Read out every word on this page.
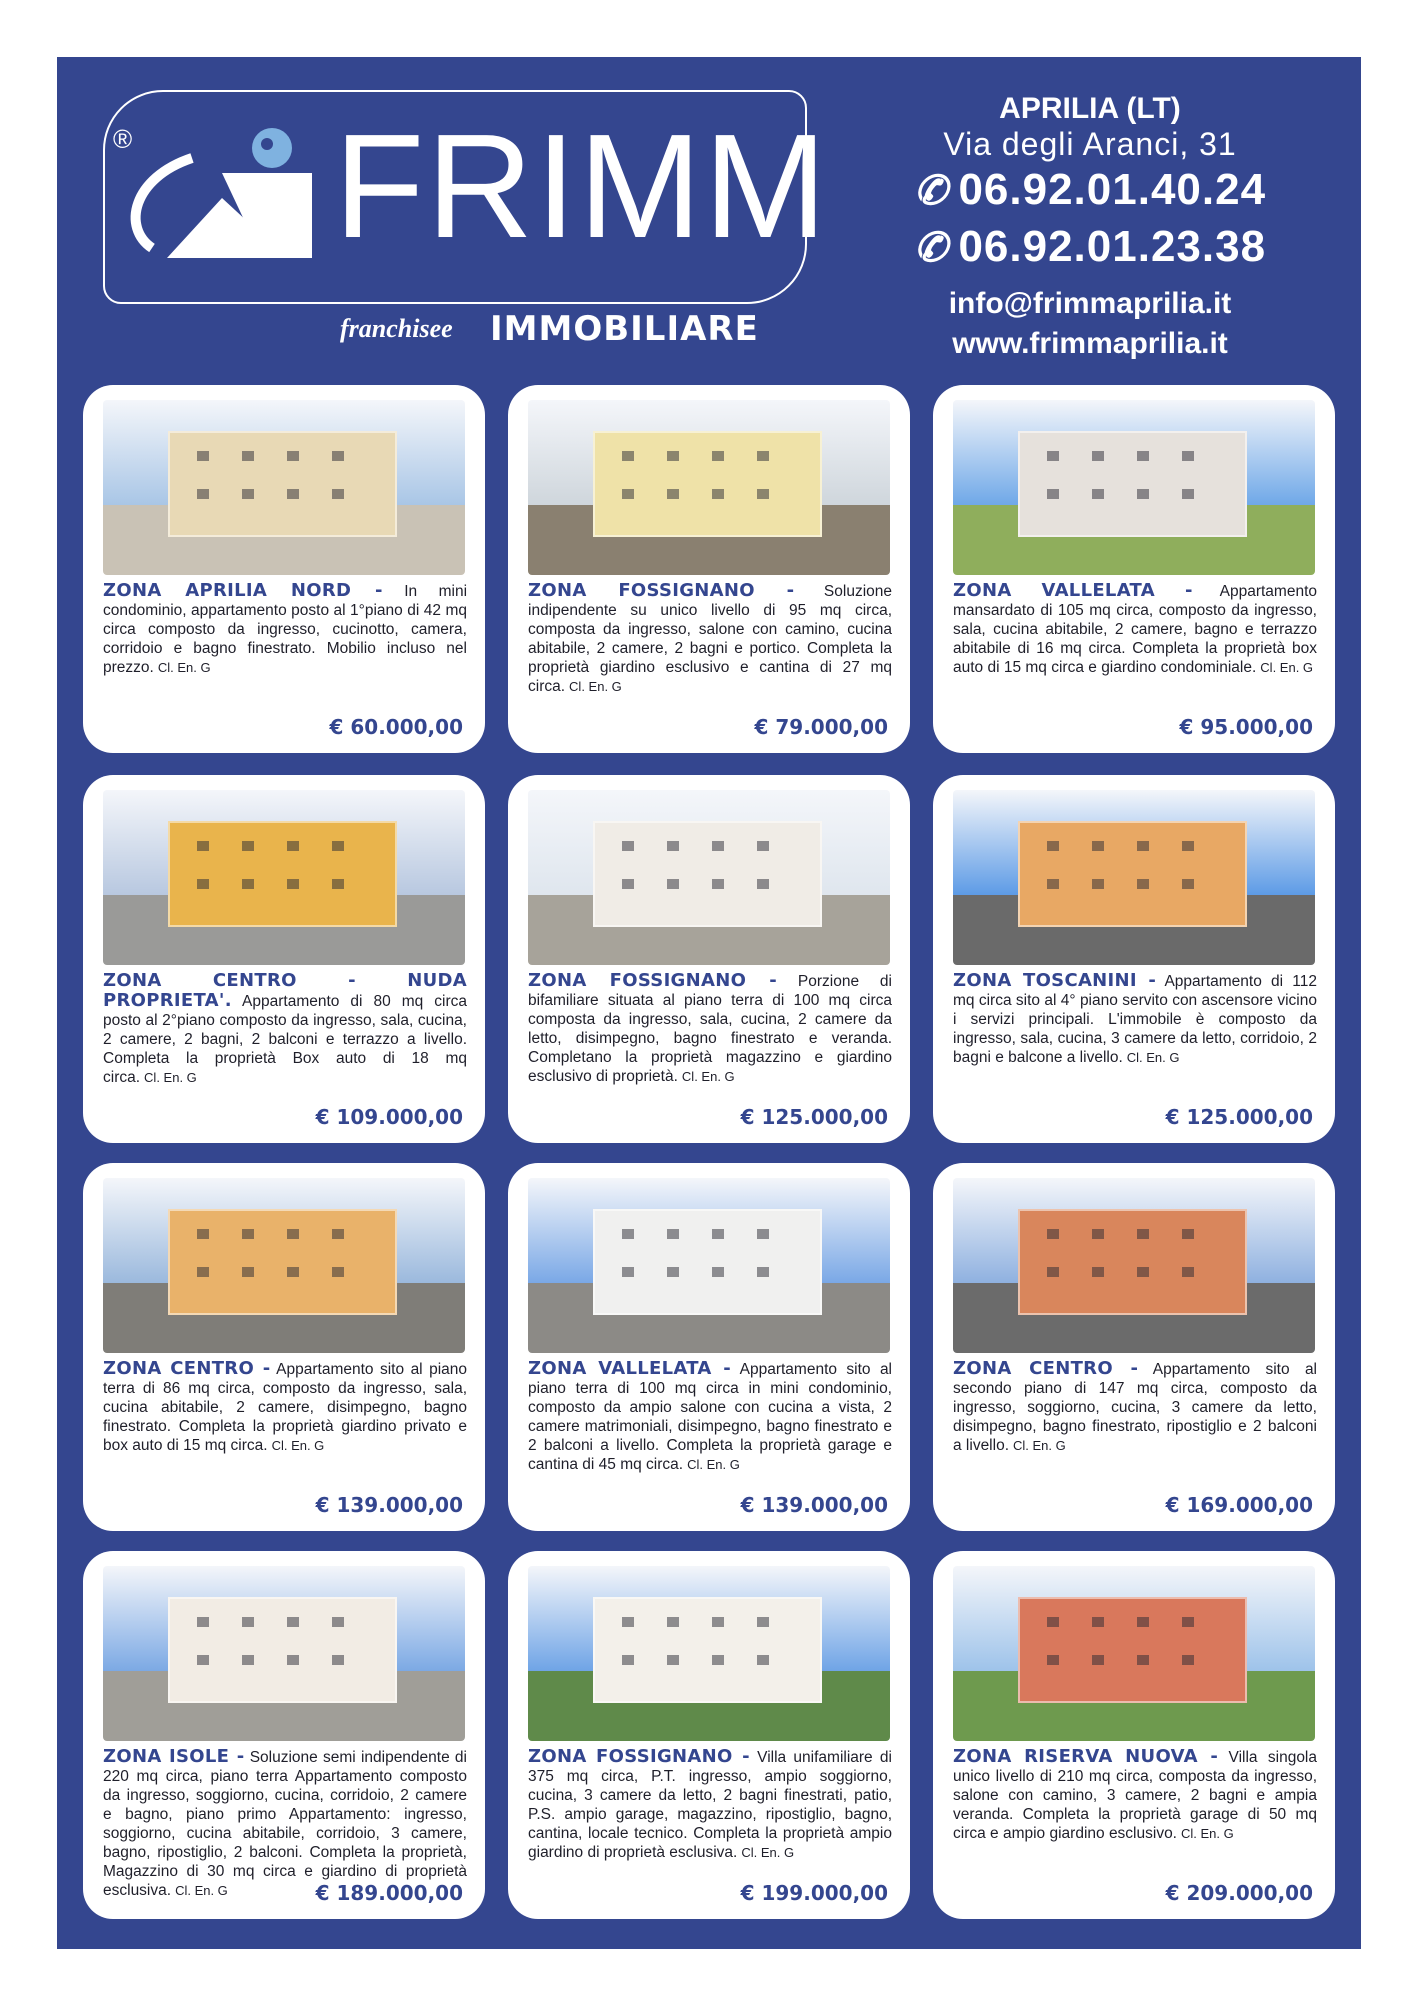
® FRIMM
franchisee IMMOBILIARE
APRILIA (LT)
Via degli Aranci, 31
✆ 06.92.01.40.24
✆ 06.92.01.23.38
info@frimmaprilia.it
www.frimmaprilia.it
ZONA APRILIA NORD - In mini condominio, appartamento posto al 1°piano di 42 mq circa composto da ingresso, cucinotto, camera, corridoio e bagno finestrato. Mobilio incluso nel prezzo. Cl. En. G
€ 60.000,00
ZONA FOSSIGNANO - Soluzione indipendente su unico livello di 95 mq circa, composta da ingresso, salone con camino, cucina abitabile, 2 camere, 2 bagni e portico. Completa la proprietà giardino esclusivo e cantina di 27 mq circa. Cl. En. G
€ 79.000,00
ZONA VALLELATA - Appartamento mansardato di 105 mq circa, composto da ingresso, sala, cucina abitabile, 2 camere, bagno e terrazzo abitabile di 16 mq circa. Completa la proprietà box auto di 15 mq circa e giardino condominiale. Cl. En. G
€ 95.000,00
ZONA CENTRO - NUDA PROPRIETA'. Appartamento di 80 mq circa posto al 2°piano composto da ingresso, sala, cucina, 2 camere, 2 bagni, 2 balconi e terrazzo a livello. Completa la proprietà Box auto di 18 mq circa. Cl. En. G
€ 109.000,00
ZONA FOSSIGNANO - Porzione di bifamiliare situata al piano terra di 100 mq circa composta da ingresso, sala, cucina, 2 camere da letto, disimpegno, bagno finestrato e veranda. Completano la proprietà magazzino e giardino esclusivo di proprietà. Cl. En. G
€ 125.000,00
ZONA TOSCANINI - Appartamento di 112 mq circa sito al 4° piano servito con ascensore vicino i servizi principali. L'immobile è composto da ingresso, sala, cucina, 3 camere da letto, corridoio, 2 bagni e balcone a livello. Cl. En. G
€ 125.000,00
ZONA CENTRO - Appartamento sito al piano terra di 86 mq circa, composto da ingresso, sala, cucina abitabile, 2 camere, disimpegno, bagno finestrato. Completa la proprietà giardino privato e box auto di 15 mq circa. Cl. En. G
€ 139.000,00
ZONA VALLELATA - Appartamento sito al piano terra di 100 mq circa in mini condominio, composto da ampio salone con cucina a vista, 2 camere matrimoniali, disimpegno, bagno finestrato e 2 balconi a livello. Completa la proprietà garage e cantina di 45 mq circa. Cl. En. G
€ 139.000,00
ZONA CENTRO - Appartamento sito al secondo piano di 147 mq circa, composto da ingresso, soggiorno, cucina, 3 camere da letto, disimpegno, bagno finestrato, ripostiglio e 2 balconi a livello. Cl. En. G
€ 169.000,00
ZONA ISOLE - Soluzione semi indipendente di 220 mq circa, piano terra Appartamento composto da ingresso, soggiorno, cucina, corridoio, 2 camere e bagno, piano primo Appartamento: ingresso, soggiorno, cucina abitabile, corridoio, 3 camere, bagno, ripostiglio, 2 balconi. Completa la proprietà, Magazzino di 30 mq circa e giardino di proprietà esclusiva. Cl. En. G	€ 189.000,00
ZONA FOSSIGNANO - Villa unifamiliare di 375 mq circa, P.T. ingresso, ampio soggiorno, cucina, 3 camere da letto, 2 bagni finestrati, patio, P.S. ampio garage, magazzino, ripostiglio, bagno, cantina, locale tecnico. Completa la proprietà ampio giardino di proprietà esclusiva. Cl. En. G
€ 199.000,00
ZONA RISERVA NUOVA - Villa singola unico livello di 210 mq circa, composta da ingresso, salone con camino, 3 camere, 2 bagni e ampia veranda. Completa la proprietà garage di 50 mq circa e ampio giardino esclusivo. Cl. En. G
€ 209.000,00
